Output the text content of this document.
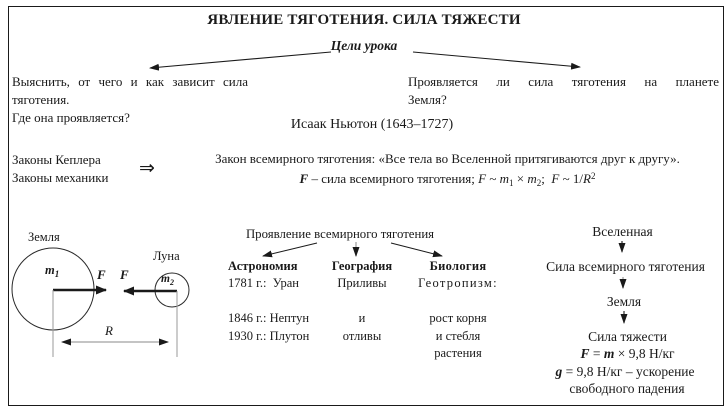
ЯВЛЕНИЕ ТЯГОТЕНИЯ. СИЛА ТЯЖЕСТИ
Цели урока
Выяснить, от чего и как зависит сила тяготения.
Где она проявляется?
Проявляется ли сила тяготения на планете
Земля?
Исаак Ньютон (1643–1727)
Законы Кеплера
Законы механики ⇒	Закон всемирного тяготения: «Все тела во Вселенной притягиваются друг к другу».
F – сила всемирного тяготения; F ~ $m_1 \times m_2$;  F ~ $1/R^2$
Земля
Луна
$m_1$	$m_2$
F F
R
Проявление всемирного тяготения
Астрономия
1781 г.:  Уран
1846 г.: Нептун
1930 г.: Плутон
География
Приливы
и
отливы
Биология
Геотропизм:
рост корня
и стебля
растения
Вселенная
Сила всемирного тяготения
Земля
Сила тяжести
F = m × 9,8 Н/кг
g = 9,8 Н/кг – ускорение
свободного падения
